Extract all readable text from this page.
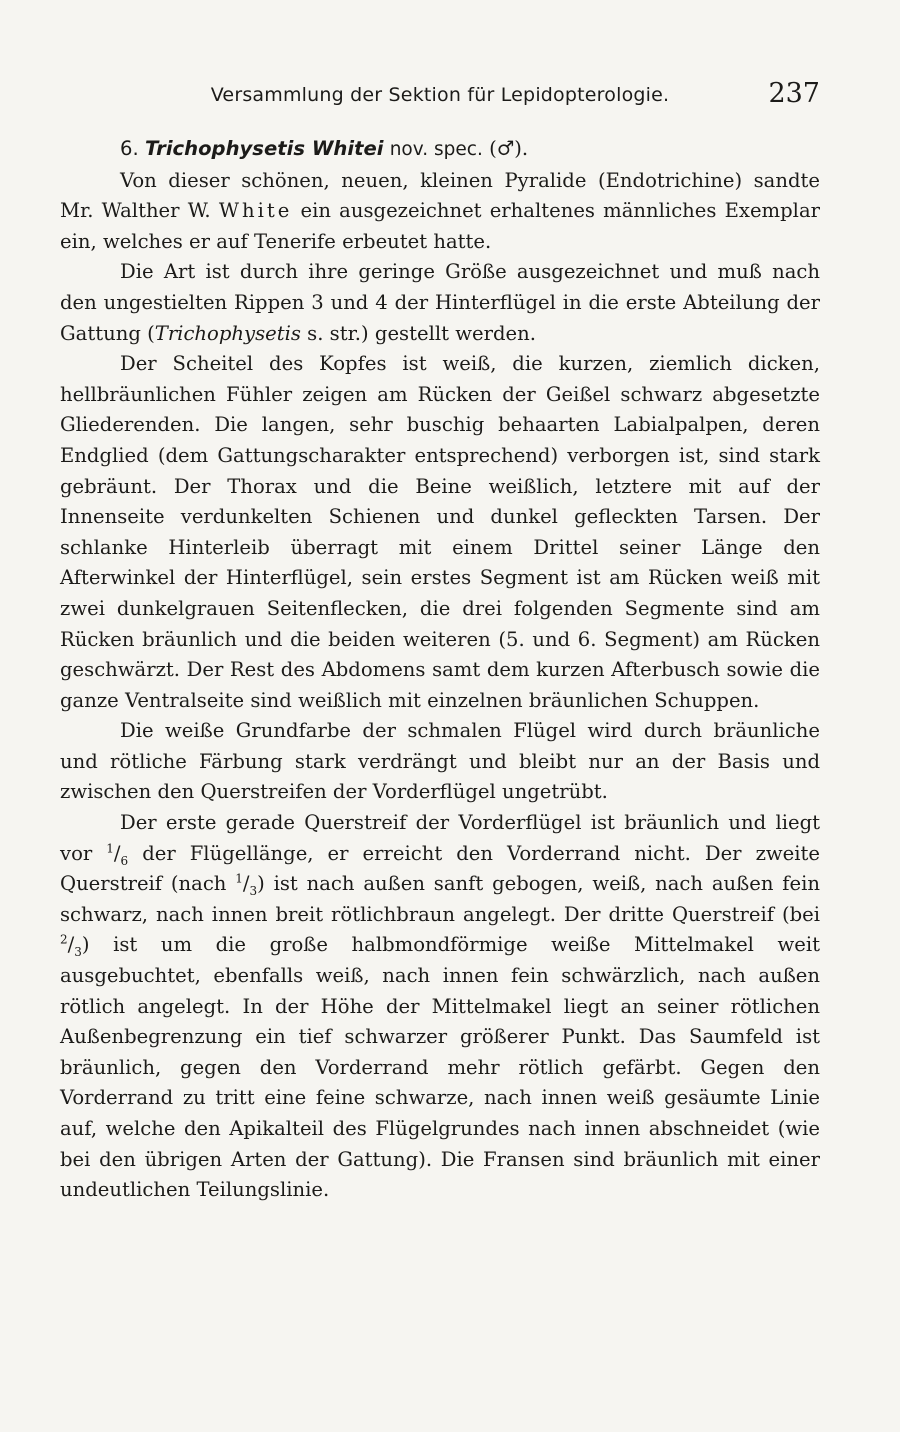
Versammlung der Sektion für Lepidopterologie.	237

6. Trichophysetis Whitei nov. spec. (♂).

Von dieser schönen, neuen, kleinen Pyralide (Endotrichine) sandte Mr. Walther W. White ein ausgezeichnet erhaltenes männliches Exemplar ein, welches er auf Tenerife erbeutet hatte.

Die Art ist durch ihre geringe Größe ausgezeichnet und muß nach den ungestielten Rippen 3 und 4 der Hinterflügel in die erste Abteilung der Gattung (Trichophysetis s. str.) gestellt werden.

Der Scheitel des Kopfes ist weiß, die kurzen, ziemlich dicken, hellbräunlichen Fühler zeigen am Rücken der Geißel schwarz abgesetzte Gliederenden. Die langen, sehr buschig behaarten Labialpalpen, deren Endglied (dem Gattungscharakter entsprechend) verborgen ist, sind stark gebräunt. Der Thorax und die Beine weißlich, letztere mit auf der Innenseite verdunkelten Schienen und dunkel gefleckten Tarsen. Der schlanke Hinterleib überragt mit einem Drittel seiner Länge den Afterwinkel der Hinterflügel, sein erstes Segment ist am Rücken weiß mit zwei dunkelgrauen Seitenflecken, die drei folgenden Segmente sind am Rücken bräunlich und die beiden weiteren (5. und 6. Segment) am Rücken geschwärzt. Der Rest des Abdomens samt dem kurzen Afterbusch sowie die ganze Ventralseite sind weißlich mit einzelnen bräunlichen Schuppen.

Die weiße Grundfarbe der schmalen Flügel wird durch bräunliche und rötliche Färbung stark verdrängt und bleibt nur an der Basis und zwischen den Querstreifen der Vorderflügel ungetrübt.

Der erste gerade Querstreif der Vorderflügel ist bräunlich und liegt vor $^1/_6$ der Flügellänge, er erreicht den Vorderrand nicht. Der zweite Querstreif (nach $^1/_3$) ist nach außen sanft gebogen, weiß, nach außen fein schwarz, nach innen breit rötlichbraun angelegt. Der dritte Querstreif (bei $^2/_3$) ist um die große halbmondförmige weiße Mittelmakel weit ausgebuchtet, ebenfalls weiß, nach innen fein schwärzlich, nach außen rötlich angelegt. In der Höhe der Mittelmakel liegt an seiner rötlichen Außenbegrenzung ein tief schwarzer größerer Punkt. Das Saumfeld ist bräunlich, gegen den Vorderrand mehr rötlich gefärbt. Gegen den Vorderrand zu tritt eine feine schwarze, nach innen weiß gesäumte Linie auf, welche den Apikalteil des Flügelgrundes nach innen abschneidet (wie bei den übrigen Arten der Gattung). Die Fransen sind bräunlich mit einer undeutlichen Teilungslinie.
